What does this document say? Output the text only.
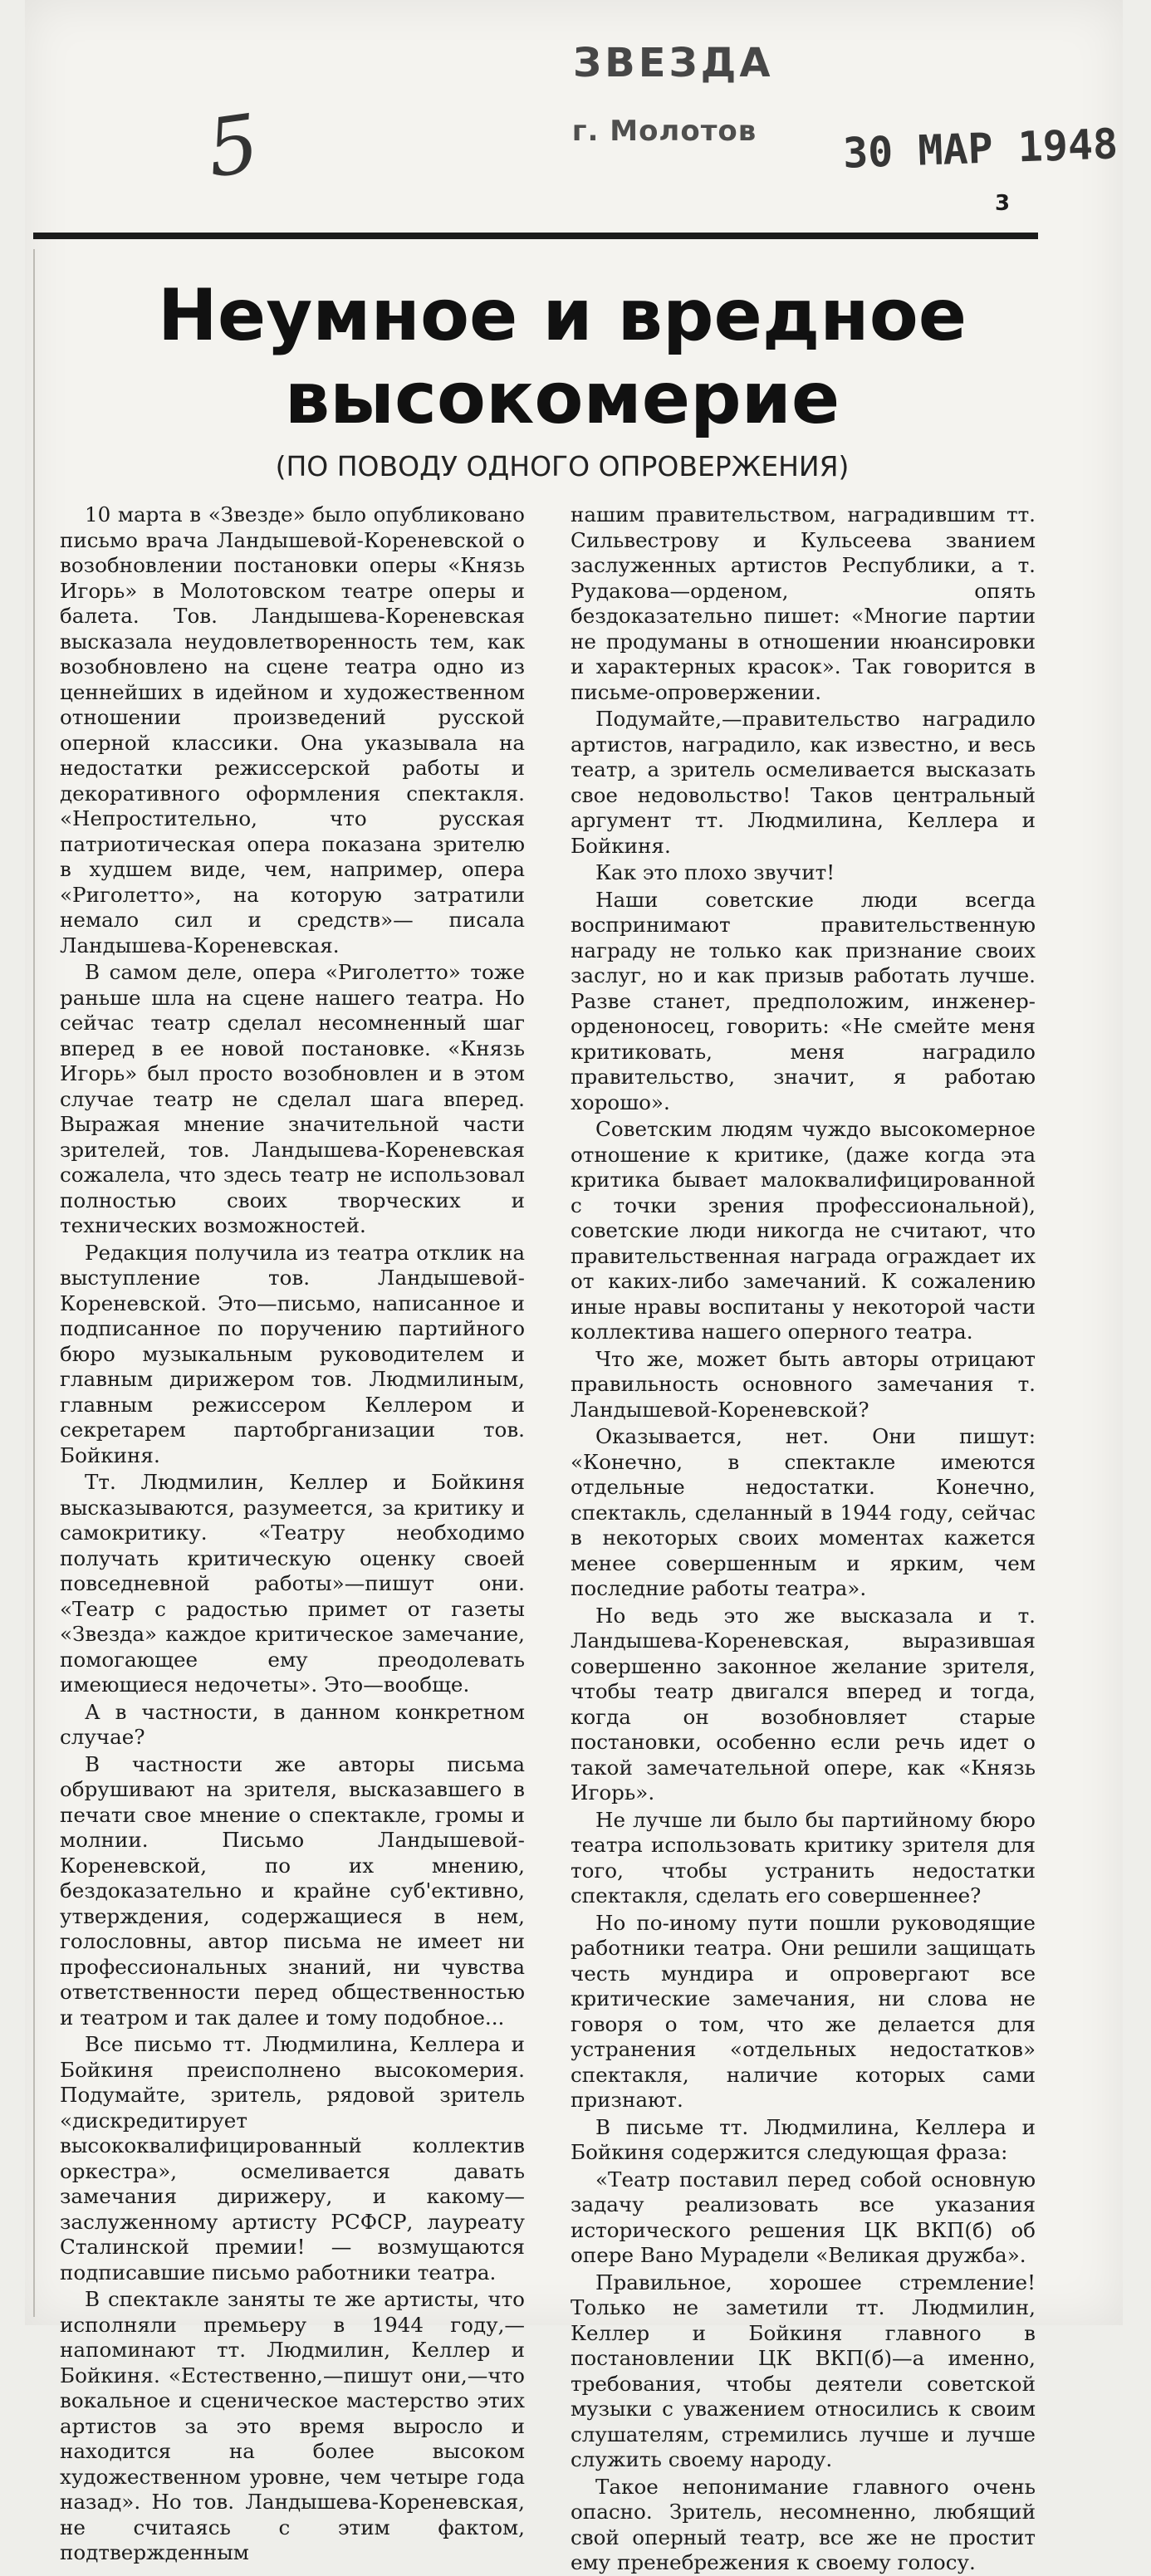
5
ЗВЕЗДА
г. Молотов	30 МАР 1948
3
Неумное и вредное
высокомерие
(ПО ПОВОДУ ОДНОГО ОПРОВЕРЖЕНИЯ)

10 марта в «Звезде» было опубликовано письмо врача Ландышевой-Кореневской о возобновлении постановки оперы «Князь Игорь» в Молотовском театре оперы и балета. Тов. Ландышева-Кореневская высказала неудовлетворенность тем, как возобновлено на сцене театра одно из ценнейших в идейном и художественном отношении произведений русской оперной классики. Она указывала на недостатки режиссерской работы и декоративного оформления спектакля. «Непростительно, что русская патриотическая опера показана зрителю в худшем виде, чем, например, опера «Риголетто», на которую затратили немало сил и средств»— писала Ландышева-Кореневская.

В самом деле, опера «Риголетто» тоже раньше шла на сцене нашего театра. Но сейчас театр сделал несомненный шаг вперед в ее новой постановке. «Князь Игорь» был просто возобновлен и в этом случае театр не сделал шага вперед. Выражая мнение значительной части зрителей, тов. Ландышева-Кореневская сожалела, что здесь театр не использовал полностью своих творческих и технических возможностей.

Редакция получила из театра отклик на выступление тов. Ландышевой-Кореневской. Это—письмо, написанное и подписанное по поручению партийного бюро музыкальным руководителем и главным дирижером тов. Людмилиным, главным режиссером Келлером и секретарем партобрганизации тов. Бойкиня.

Тт. Людмилин, Келлер и Бойкиня высказываются, разумеется, за критику и самокритику. «Театру необходимо получать критическую оценку своей повседневной работы»—пишут они. «Театр с радостью примет от газеты «Звезда» каждое критическое замечание, помогающее ему преодолевать имеющиеся недочеты». Это—вообще.

А в частности, в данном конкретном случае?

В частности же авторы письма обрушивают на зрителя, высказавшего в печати свое мнение о спектакле, громы и молнии. Письмо Ландышевой-Кореневской, по их мнению, бездоказательно и крайне суб'ективно, утверждения, содержащиеся в нем, голословны, автор письма не имеет ни профессиональных знаний, ни чувства ответственности перед общественностью и театром и так далее и тому подобное...

Все письмо тт. Людмилина, Келлера и Бойкиня преисполнено высокомерия. Подумайте, зритель, рядовой зритель «дискредитирует высококвалифицированный коллектив оркестра», осмеливается давать замечания дирижеру, и какому—заслуженному артисту РСФСР, лауреату Сталинской премии! — возмущаются подписавшие письмо работники театра.

В спектакле заняты те же артисты, что исполняли премьеру в 1944 году,—напоминают тт. Людмилин, Келлер и Бойкиня. «Естественно,—пишут они,—что вокальное и сценическое мастерство этих артистов за это время выросло и находится на более высоком художественном уровне, чем четыре года назад». Но тов. Ландышева-Кореневская, не считаясь с этим фактом, подтвержденным

нашим правительством, наградившим тт. Сильвестрову и Кульсеева званием заслуженных артистов Республики, а т. Рудакова—орденом, опять бездоказательно пишет: «Многие партии не продуманы в отношении нюансировки и характерных красок». Так говорится в письме-опровержении.

Подумайте,—правительство наградило артистов, наградило, как известно, и весь театр, а зритель осмеливается высказать свое недовольство! Таков центральный аргумент тт. Людмилина, Келлера и Бойкиня.

Как это плохо звучит!

Наши советские люди всегда воспринимают правительственную награду не только как признание своих заслуг, но и как призыв работать лучше. Разве станет, предположим, инженер-орденоносец, говорить: «Не смейте меня критиковать, меня наградило правительство, значит, я работаю хорошо».

Советским людям чуждо высокомерное отношение к критике, (даже когда эта критика бывает малоквалифицированной с точки зрения профессиональной), советские люди никогда не считают, что правительственная награда ограждает их от каких-либо замечаний. К сожалению иные нравы воспитаны у некоторой части коллектива нашего оперного театра.

Что же, может быть авторы отрицают правильность основного замечания т. Ландышевой-Кореневской?

Оказывается, нет. Они пишут: «Конечно, в спектакле имеются отдельные недостатки. Конечно, спектакль, сделанный в 1944 году, сейчас в некоторых своих моментах кажется менее совершенным и ярким, чем последние работы театра».

Но ведь это же высказала и т. Ландышева-Кореневская, выразившая совершенно законное желание зрителя, чтобы театр двигался вперед и тогда, когда он возобновляет старые постановки, особенно если речь идет о такой замечательной опере, как «Князь Игорь».

Не лучше ли было бы партийному бюро театра использовать критику зрителя для того, чтобы устранить недостатки спектакля, сделать его совершеннее?

Но по-иному пути пошли руководящие работники театра. Они решили защищать честь мундира и опровергают все критические замечания, ни слова не говоря о том, что же делается для устранения «отдельных недостатков» спектакля, наличие которых сами признают.

В письме тт. Людмилина, Келлера и Бойкиня содержится следующая фраза:

«Театр поставил перед собой основную задачу реализовать все указания исторического решения ЦК ВКП(б) об опере Вано Мурадели «Великая дружба».

Правильное, хорошее стремление! Только не заметили тт. Людмилин, Келлер и Бойкиня главного в постановлении ЦК ВКП(б)—а именно, требования, чтобы деятели советской музыки с уважением относились к своим слушателям, стремились лучше и лучше служить своему народу.

Такое непонимание главного очень опасно. Зритель, несомненно, любящий свой оперный театр, все же не простит ему пренебрежения к своему голосу.
